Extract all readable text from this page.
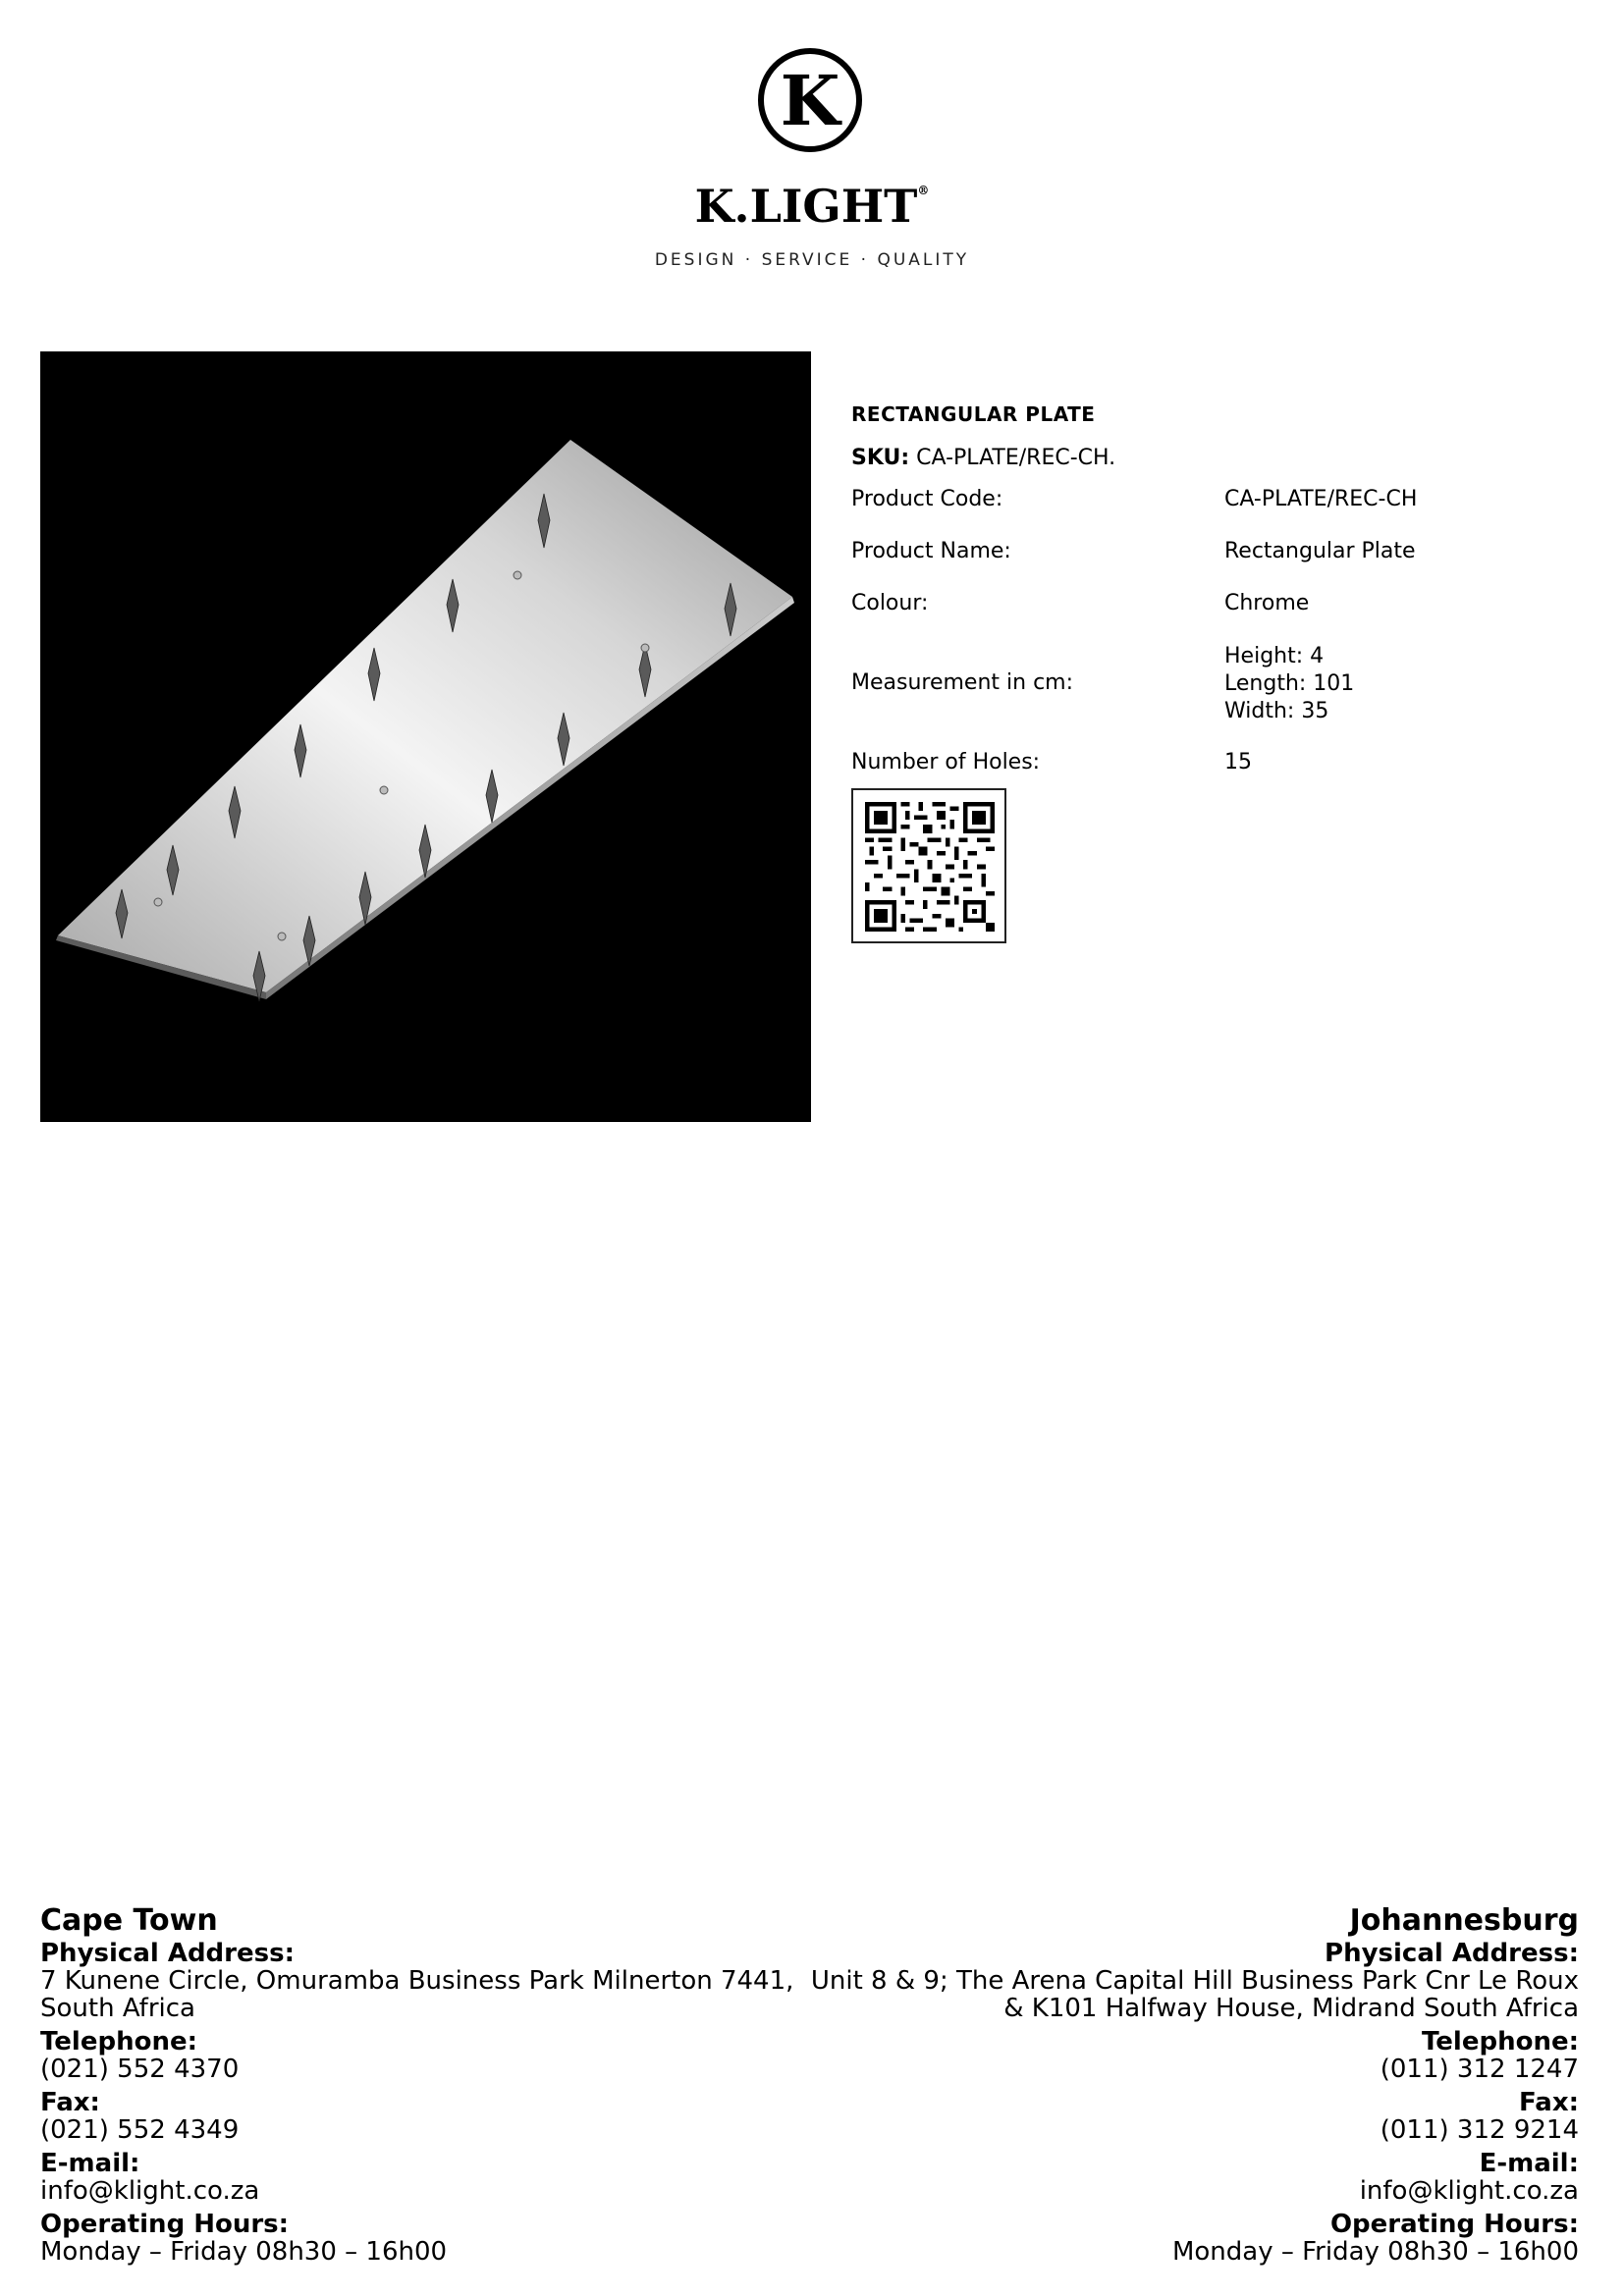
K
K.LIGHT®
DESIGN · SERVICE · QUALITY
RECTANGULAR PLATE
SKU: CA-PLATE/REC-CH.
Product Code:	CA-PLATE/REC-CH
Product Name:	Rectangular Plate
Colour:	Chrome
Measurement in cm:
Height: 4
Length: 101
Width: 35
Number of Holes:	15
Cape Town
Physical Address:
7 Kunene Circle, Omuramba Business Park Milnerton 7441,
South Africa
Telephone:
(021) 552 4370
Fax:
(021) 552 4349
E-mail:
info@klight.co.za
Operating Hours:
Monday – Friday 08h30 – 16h00
Johannesburg
Physical Address:
Unit 8 & 9; The Arena Capital Hill Business Park Cnr Le Roux
& K101 Halfway House, Midrand South Africa
Telephone:
(011) 312 1247
Fax:
(011) 312 9214
E-mail:
info@klight.co.za
Operating Hours:
Monday – Friday 08h30 – 16h00
